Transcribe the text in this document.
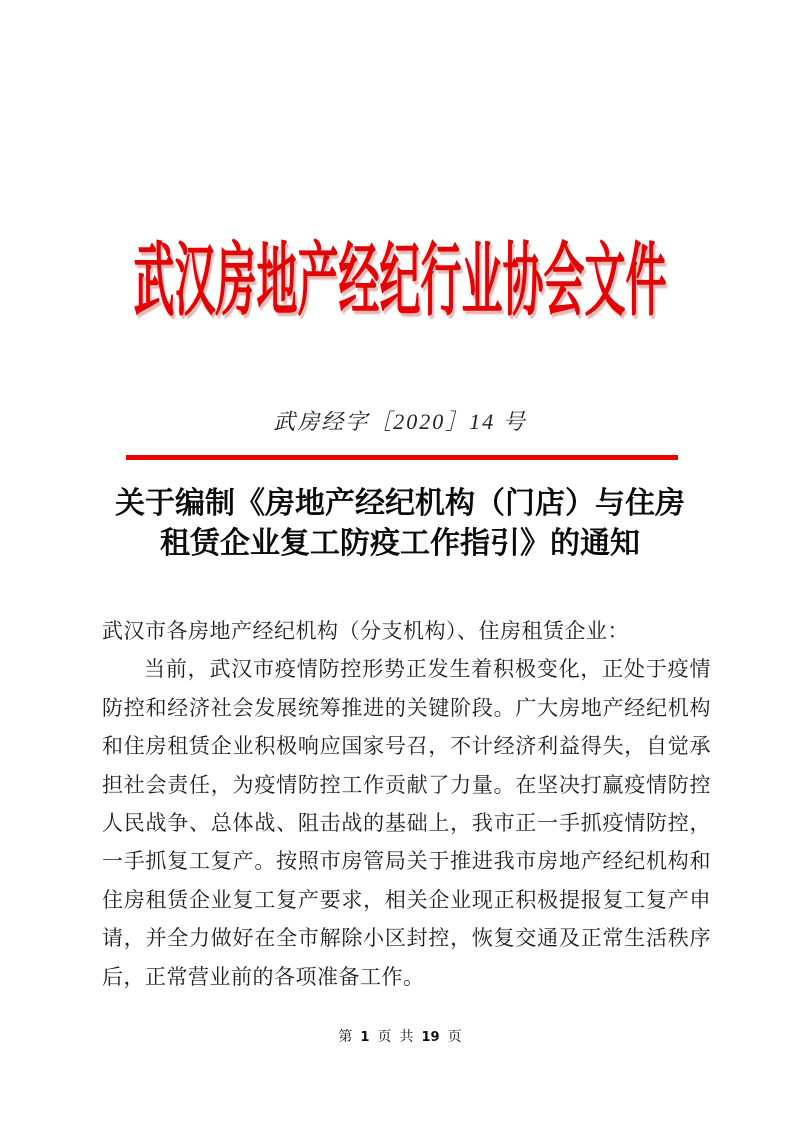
武汉房地产经纪行业协会文件
武房经字［2020］14 号
关于编制《房地产经纪机构（门店）与住房
租赁企业复工防疫工作指引》的通知
武汉市各房地产经纪机构（分支机构）、住房租赁企业：

当前，武汉市疫情防控形势正发生着积极变化，正处于疫情防控和经济社会发展统筹推进的关键阶段。广大房地产经纪机构和住房租赁企业积极响应国家号召，不计经济利益得失，自觉承担社会责任，为疫情防控工作贡献了力量。在坚决打赢疫情防控人民战争、总体战、阻击战的基础上，我市正一手抓疫情防控，一手抓复工复产。按照市房管局关于推进我市房地产经纪机构和住房租赁企业复工复产要求，相关企业现正积极提报复工复产申请，并全力做好在全市解除小区封控，恢复交通及正常生活秩序后，正常营业前的各项准备工作。

第 1 页 共 19 页
